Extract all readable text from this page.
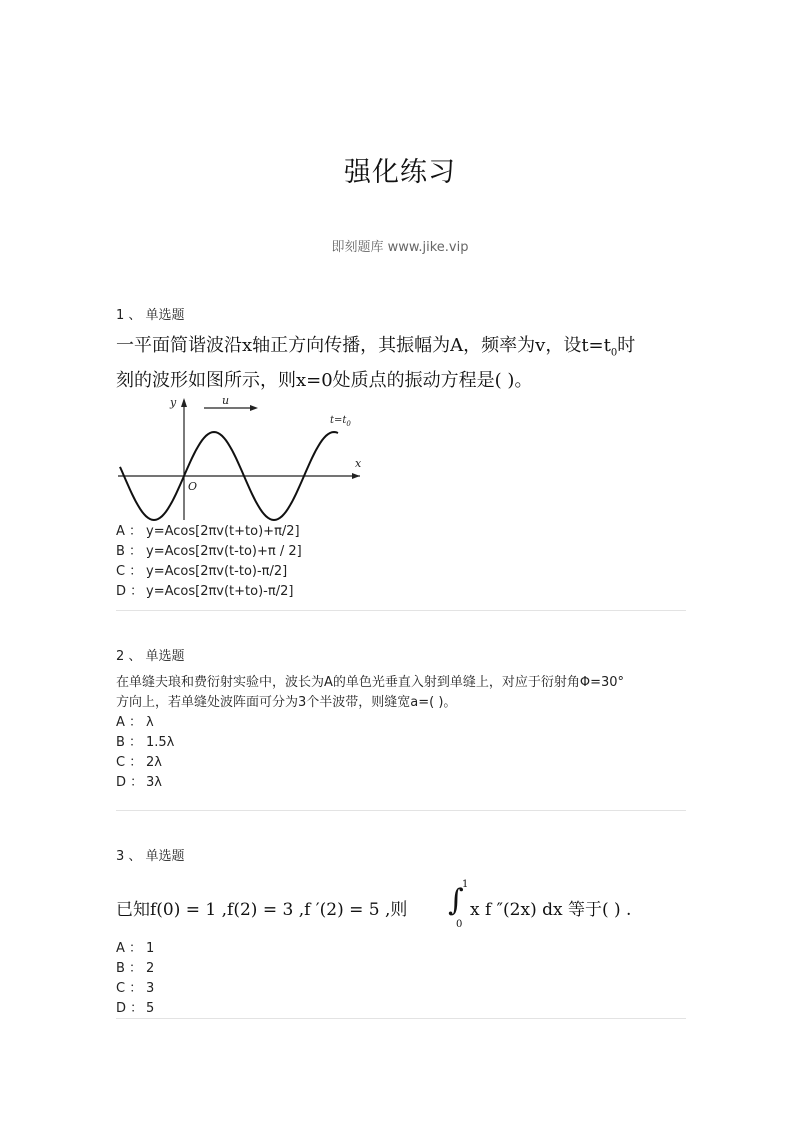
强化练习
即刻题库 www.jike.vip
1 、 单选题
一平面简谐波沿x轴正方向传播，其振幅为A，频率为v，设$t=t_0$时
刻的波形如图所示，则x=0处质点的振动方程是( )。
y
x
O
u
$t=t_0$
A ： y=Acos[2πv(t+to)+π/2]
B ： y=Acos[2πv(t-to)+π / 2]
C ： y=Acos[2πv(t-to)-π/2]
D ： y=Acos[2πv(t+to)-π/2]
2 、 单选题
在单缝夫琅和费衍射实验中，波长为A的单色光垂直入射到单缝上，对应于衍射角Φ=30°
方向上，若单缝处波阵面可分为3个半波带，则缝宽a=( )。
A ： λ
B ： 1.5λ
C ： 2λ
D ： 3λ
3 、 单选题
已知f(0) = 1 ,f(2) = 3 ,f ′(2) = 5 ,则 ∫
1
0
x f ″(2x) dx 等于( ) .
A ： 1
B ： 2
C ： 3
D ： 5
